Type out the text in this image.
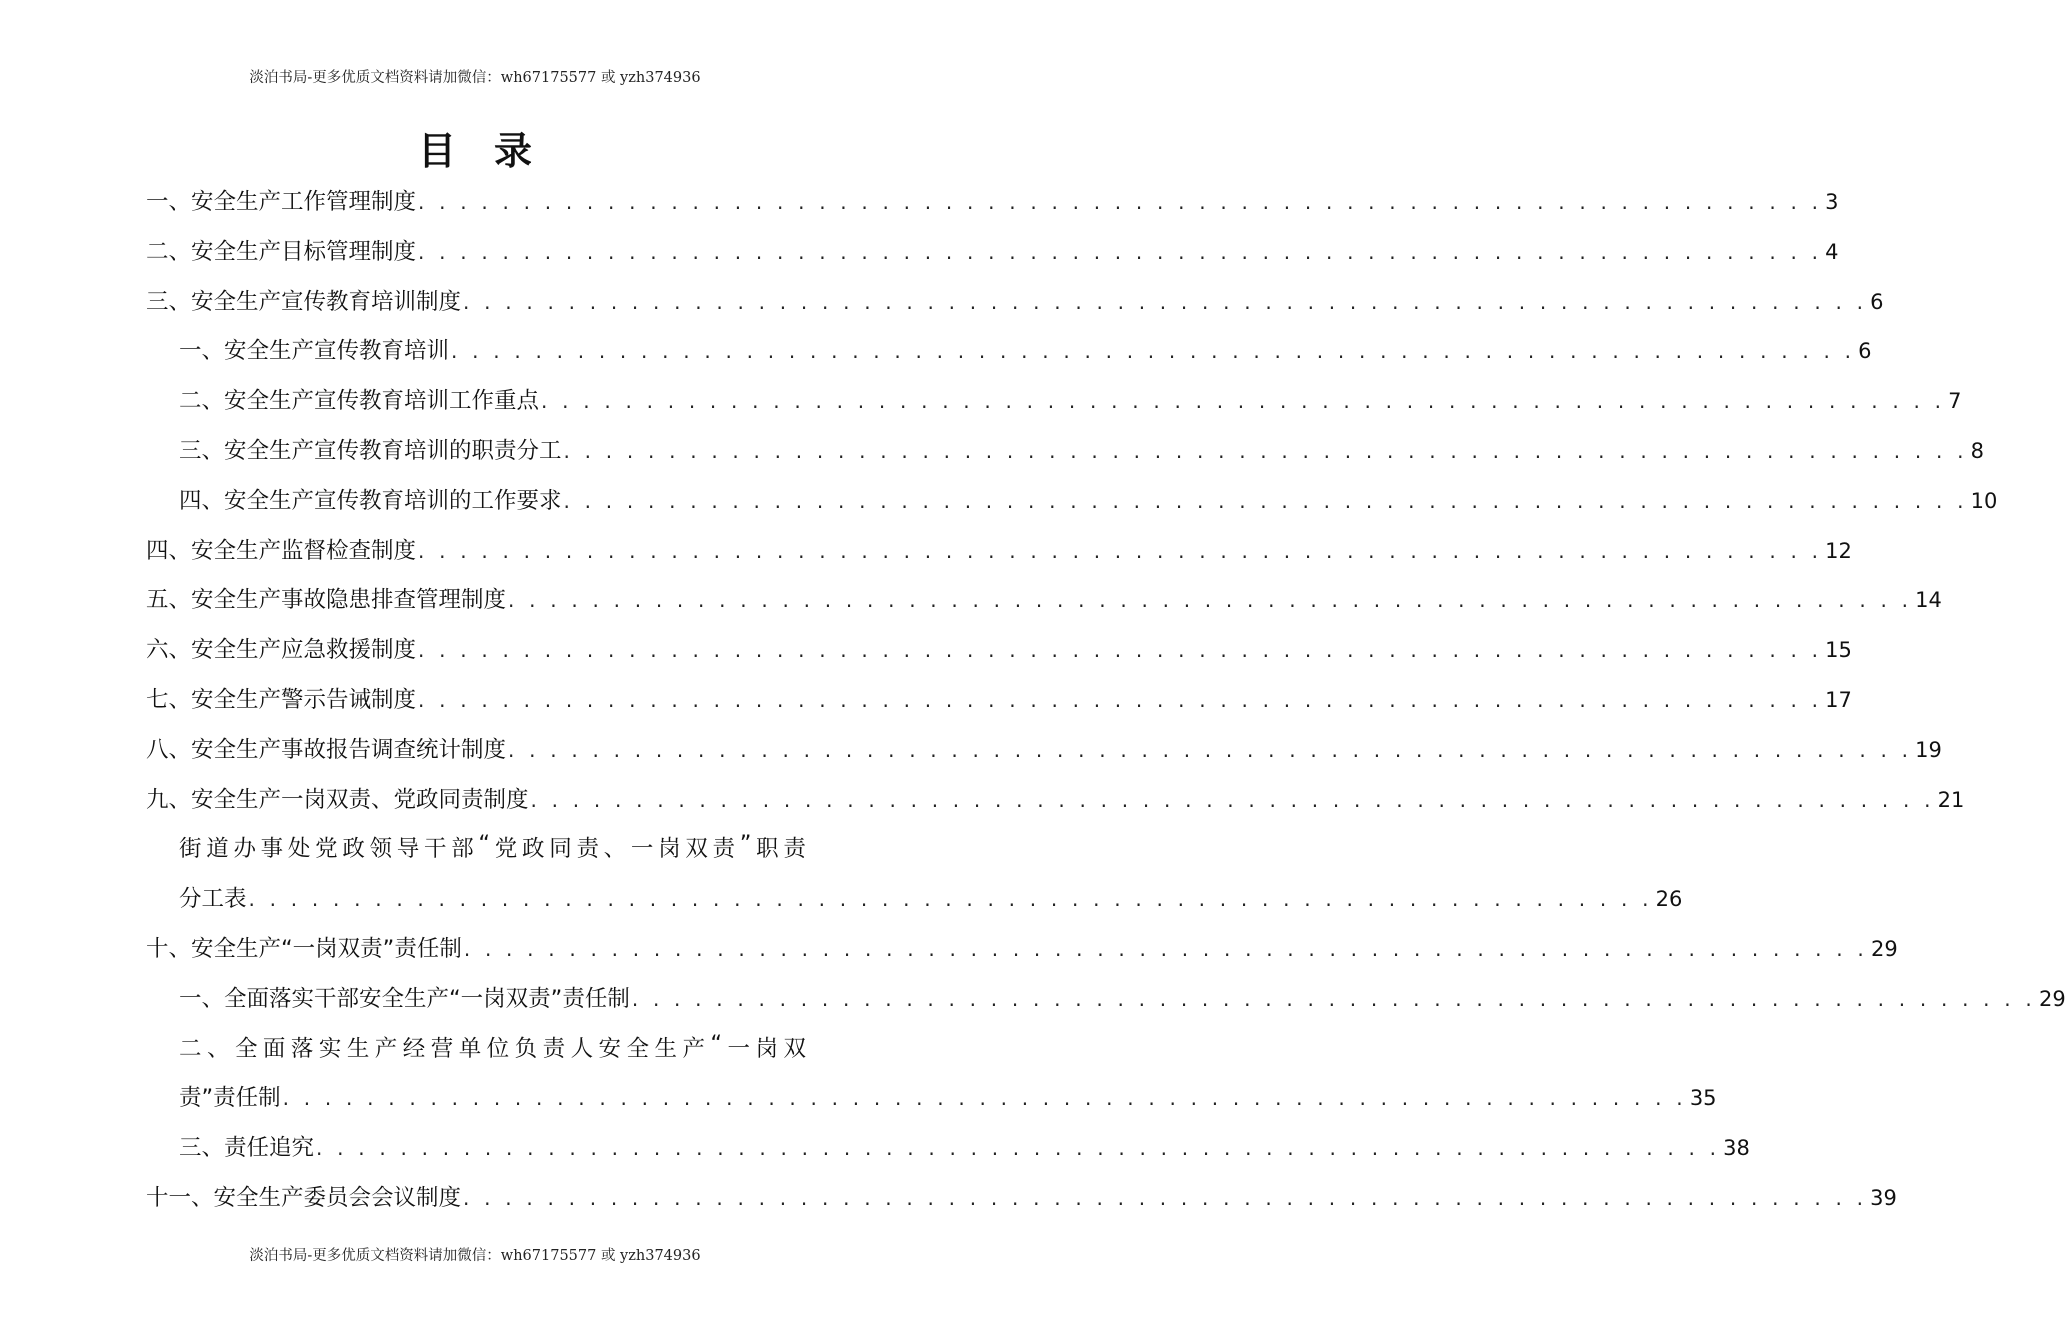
淡泊书局-更多优质文档资料请加微信：wh67175577 或 yzh374936
目录
一、安全生产工作管理制度 . . . . . . . . . . . . . . . . . . . . . . . . . . . . . . . . . . . . . . . . . . . . . . . . . . . . . . . . . . . . . . . . . . . 3
二、安全生产目标管理制度 . . . . . . . . . . . . . . . . . . . . . . . . . . . . . . . . . . . . . . . . . . . . . . . . . . . . . . . . . . . . . . . . . . . 4
三、安全生产宣传教育培训制度 . . . . . . . . . . . . . . . . . . . . . . . . . . . . . . . . . . . . . . . . . . . . . . . . . . . . . . . . . . . . . . . . . . . 6
一、安全生产宣传教育培训 . . . . . . . . . . . . . . . . . . . . . . . . . . . . . . . . . . . . . . . . . . . . . . . . . . . . . . . . . . . . . . . . . . . 6
二、安全生产宣传教育培训工作重点 . . . . . . . . . . . . . . . . . . . . . . . . . . . . . . . . . . . . . . . . . . . . . . . . . . . . . . . . . . . . . . . . . . . 7
三、安全生产宣传教育培训的职责分工 . . . . . . . . . . . . . . . . . . . . . . . . . . . . . . . . . . . . . . . . . . . . . . . . . . . . . . . . . . . . . . . . . . . 8
四、安全生产宣传教育培训的工作要求 . . . . . . . . . . . . . . . . . . . . . . . . . . . . . . . . . . . . . . . . . . . . . . . . . . . . . . . . . . . . . . . . . . . 10
四、安全生产监督检查制度 . . . . . . . . . . . . . . . . . . . . . . . . . . . . . . . . . . . . . . . . . . . . . . . . . . . . . . . . . . . . . . . . . . . 12
五、安全生产事故隐患排查管理制度 . . . . . . . . . . . . . . . . . . . . . . . . . . . . . . . . . . . . . . . . . . . . . . . . . . . . . . . . . . . . . . . . . . . 14
六、安全生产应急救援制度 . . . . . . . . . . . . . . . . . . . . . . . . . . . . . . . . . . . . . . . . . . . . . . . . . . . . . . . . . . . . . . . . . . . 15
七、安全生产警示告诫制度 . . . . . . . . . . . . . . . . . . . . . . . . . . . . . . . . . . . . . . . . . . . . . . . . . . . . . . . . . . . . . . . . . . . 17
八、安全生产事故报告调查统计制度 . . . . . . . . . . . . . . . . . . . . . . . . . . . . . . . . . . . . . . . . . . . . . . . . . . . . . . . . . . . . . . . . . . . 19
九、安全生产一岗双责、党政同责制度 . . . . . . . . . . . . . . . . . . . . . . . . . . . . . . . . . . . . . . . . . . . . . . . . . . . . . . . . . . . . . . . . . . . 21
街 道 办 事 处 党 政 领 导 干 部 “ 党 政 同 责 、 一 岗 双 责 ” 职 责
分工表 . . . . . . . . . . . . . . . . . . . . . . . . . . . . . . . . . . . . . . . . . . . . . . . . . . . . . . . . . . . . . . . . . . . 26
十、安全生产“一岗双责”责任制 . . . . . . . . . . . . . . . . . . . . . . . . . . . . . . . . . . . . . . . . . . . . . . . . . . . . . . . . . . . . . . . . . . . 29
一、全面落实干部安全生产“一岗双责”责任制 . . . . . . . . . . . . . . . . . . . . . . . . . . . . . . . . . . . . . . . . . . . . . . . . . . . . . . . . . . . . . . . . . . . 29
二 、 全 面 落 实 生 产 经 营 单 位 负 责 人 安 全 生 产 “ 一 岗 双
责”责任制 . . . . . . . . . . . . . . . . . . . . . . . . . . . . . . . . . . . . . . . . . . . . . . . . . . . . . . . . . . . . . . . . . . . 35
三、责任追究 . . . . . . . . . . . . . . . . . . . . . . . . . . . . . . . . . . . . . . . . . . . . . . . . . . . . . . . . . . . . . . . . . . . 38
十一、安全生产委员会会议制度 . . . . . . . . . . . . . . . . . . . . . . . . . . . . . . . . . . . . . . . . . . . . . . . . . . . . . . . . . . . . . . . . . . . 39
淡泊书局-更多优质文档资料请加微信：wh67175577 或 yzh374936
